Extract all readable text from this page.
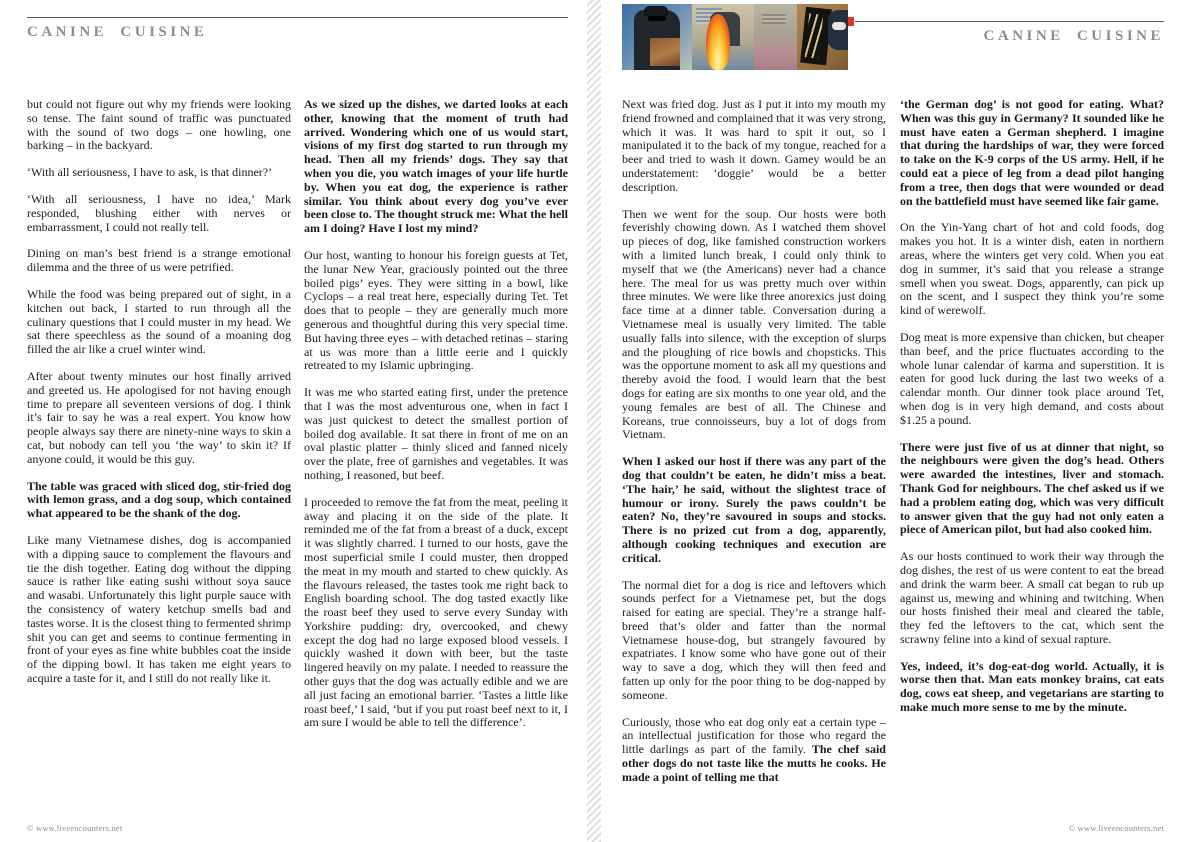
CANINE CUISINE

but could not figure out why my friends were looking so tense. The faint sound of traffic was punctuated with the sound of two dogs – one howling, one barking – in the backyard.

‘With all seriousness, I have to ask, is that dinner?’

‘With all seriousness, I have no idea,’ Mark responded, blushing either with nerves or embarrassment, I could not really tell.

Dining on man’s best friend is a strange emotional dilemma and the three of us were petrified.

While the food was being prepared out of sight, in a kitchen out back, I started to run through all the culinary questions that I could muster in my head. We sat there speechless as the sound of a moaning dog filled the air like a cruel winter wind.

After about twenty minutes our host finally arrived and greeted us. He apologised for not having enough time to prepare all seventeen versions of dog. I think it’s fair to say he was a real expert. You know how people always say there are ninety-nine ways to skin a cat, but nobody can tell you ‘the way’ to skin it? If anyone could, it would be this guy.

The table was graced with sliced dog, stir-fried dog with lemon grass, and a dog soup, which contained what appeared to be the shank of the dog.

Like many Vietnamese dishes, dog is accompanied with a dipping sauce to complement the flavours and tie the dish together. Eating dog without the dipping sauce is rather like eating sushi without soya sauce and wasabi. Unfortunately this light purple sauce with the consistency of watery ketchup smells bad and tastes worse. It is the closest thing to fermented shrimp shit you can get and seems to continue fermenting in front of your eyes as fine white bubbles coat the inside of the dipping bowl. It has taken me eight years to acquire a taste for it, and I still do not really like it.

As we sized up the dishes, we darted looks at each other, knowing that the moment of truth had arrived. Wondering which one of us would start, visions of my first dog started to run through my head. Then all my friends’ dogs. They say that when you die, you watch images of your life hurtle by. When you eat dog, the experience is rather similar. You think about every dog you’ve ever been close to. The thought struck me: What the hell am I doing? Have I lost my mind?

Our host, wanting to honour his foreign guests at Tet, the lunar New Year, graciously pointed out the three boiled pigs’ eyes. They were sitting in a bowl, like Cyclops – a real treat here, especially during Tet. Tet does that to people – they are generally much more generous and thoughtful during this very special time. But having three eyes – with detached retinas – staring at us was more than a little eerie and I quickly retreated to my Islamic upbringing.

It was me who started eating first, under the pretence that I was the most adventurous one, when in fact I was just quickest to detect the smallest portion of boiled dog available. It sat there in front of me on an oval plastic platter – thinly sliced and fanned nicely over the plate, free of garnishes and vegetables. It was nothing, I reasoned, but beef.

I proceeded to remove the fat from the meat, peeling it away and placing it on the side of the plate. It reminded me of the fat from a breast of a duck, except it was slightly charred. I turned to our hosts, gave the most superficial smile I could muster, then dropped the meat in my mouth and started to chew quickly. As the flavours released, the tastes took me right back to English boarding school. The dog tasted exactly like the roast beef they used to serve every Sunday with Yorkshire pudding: dry, overcooked, and chewy except the dog had no large exposed blood vessels. I quickly washed it down with beer, but the taste lingered heavily on my palate. I needed to reassure the other guys that the dog was actually edible and we are all just facing an emotional barrier. ‘Tastes a little like roast beef,’ I said, ‘but if you put roast beef next to it, I am sure I would be able to tell the difference’.

© www.liveencounters.net
CANINE CUISINE

Next was fried dog. Just as I put it into my mouth my friend frowned and complained that it was very strong, which it was. It was hard to spit it out, so I manipulated it to the back of my tongue, reached for a beer and tried to wash it down. Gamey would be an understatement: ‘doggie’ would be a better description.

Then we went for the soup. Our hosts were both feverishly chowing down. As I watched them shovel up pieces of dog, like famished construction workers with a limited lunch break, I could only think to myself that we (the Americans) never had a chance here. The meal for us was pretty much over within three minutes. We were like three anorexics just doing face time at a dinner table. Conversation during a Vietnamese meal is usually very limited. The table usually falls into silence, with the exception of slurps and the ploughing of rice bowls and chopsticks. This was the opportune moment to ask all my questions and thereby avoid the food. I would learn that the best dogs for eating are six months to one year old, and the young females are best of all. The Chinese and Koreans, true connoisseurs, buy a lot of dogs from Vietnam.

When I asked our host if there was any part of the dog that couldn’t be eaten, he didn’t miss a beat. ‘The hair,’ he said, without the slightest trace of humour or irony. Surely the paws couldn’t be eaten? No, they’re savoured in soups and stocks. There is no prized cut from a dog, apparently, although cooking techniques and execution are critical.

The normal diet for a dog is rice and leftovers which sounds perfect for a Vietnamese pet, but the dogs raised for eating are special. They’re a strange half-breed that’s older and fatter than the normal Vietnamese house-dog, but strangely favoured by expatriates. I know some who have gone out of their way to save a dog, which they will then feed and fatten up only for the poor thing to be dog-napped by someone.

Curiously, those who eat dog only eat a certain type – an intellectual justification for those who regard the little darlings as part of the family. The chef said other dogs do not taste like the mutts he cooks. He made a point of telling me that

‘the German dog’ is not good for eating. What? When was this guy in Germany? It sounded like he must have eaten a German shepherd. I imagine that during the hardships of war, they were forced to take on the K-9 corps of the US army. Hell, if he could eat a piece of leg from a dead pilot hanging from a tree, then dogs that were wounded or dead on the battlefield must have seemed like fair game.

On the Yin-Yang chart of hot and cold foods, dog makes you hot. It is a winter dish, eaten in northern areas, where the winters get very cold. When you eat dog in summer, it’s said that you release a strange smell when you sweat. Dogs, apparently, can pick up on the scent, and I suspect they think you’re some kind of werewolf.

Dog meat is more expensive than chicken, but cheaper than beef, and the price fluctuates according to the whole lunar calendar of karma and superstition. It is eaten for good luck during the last two weeks of a calendar month. Our dinner took place around Tet, when dog is in very high demand, and costs about $1.25 a pound.

There were just five of us at dinner that night, so the neighbours were given the dog’s head. Others were awarded the intestines, liver and stomach. Thank God for neighbours. The chef asked us if we had a problem eating dog, which was very difficult to answer given that the guy had not only eaten a piece of American pilot, but had also cooked him.

As our hosts continued to work their way through the dog dishes, the rest of us were content to eat the bread and drink the warm beer. A small cat began to rub up against us, mewing and whining and twitching. When our hosts finished their meal and cleared the table, they fed the leftovers to the cat, which sent the scrawny feline into a kind of sexual rapture.

Yes, indeed, it’s dog-eat-dog world. Actually, it is worse then that. Man eats monkey brains, cat eats dog, cows eat sheep, and vegetarians are starting to make much more sense to me by the minute.

© www.liveencounters.net
